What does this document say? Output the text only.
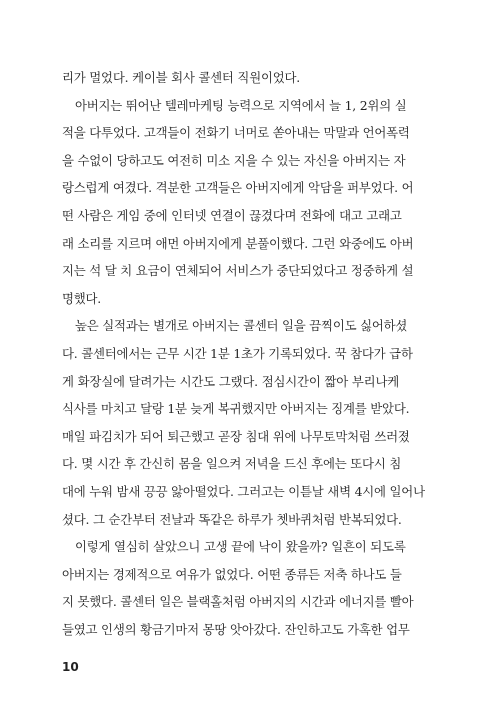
리가 멀었다. 케이블 회사 콜센터 직원이었다.
아버지는 뛰어난 텔레마케팅 능력으로 지역에서 늘 1, 2위의 실
적을 다투었다. 고객들이 전화기 너머로 쏟아내는 막말과 언어폭력
을 수없이 당하고도 여전히 미소 지을 수 있는 자신을 아버지는 자
랑스럽게 여겼다. 격분한 고객들은 아버지에게 악담을 퍼부었다. 어
떤 사람은 게임 중에 인터넷 연결이 끊겼다며 전화에 대고 고래고
래 소리를 지르며 애먼 아버지에게 분풀이했다. 그런 와중에도 아버
지는 석 달 치 요금이 연체되어 서비스가 중단되었다고 정중하게 설
명했다.
높은 실적과는 별개로 아버지는 콜센터 일을 끔찍이도 싫어하셨
다. 콜센터에서는 근무 시간 1분 1초가 기록되었다. 꾹 참다가 급하
게 화장실에 달려가는 시간도 그랬다. 점심시간이 짧아 부리나케
식사를 마치고 달랑 1분 늦게 복귀했지만 아버지는 징계를 받았다.
매일 파김치가 되어 퇴근했고 곧장 침대 위에 나무토막처럼 쓰러졌
다. 몇 시간 후 간신히 몸을 일으켜 저녁을 드신 후에는 또다시 침
대에 누워 밤새 끙끙 앓아떨었다. 그러고는 이튿날 새벽 4시에 일어나
셨다. 그 순간부터 전날과 똑같은 하루가 쳇바퀴처럼 반복되었다.
이렇게 열심히 살았으니 고생 끝에 낙이 왔을까? 일흔이 되도록
아버지는 경제적으로 여유가 없었다. 어떤 종류든 저축 하나도 들
지 못했다. 콜센터 일은 블랙홀처럼 아버지의 시간과 에너지를 빨아
들였고 인생의 황금기마저 몽땅 앗아갔다. 잔인하고도 가혹한 업무
10
